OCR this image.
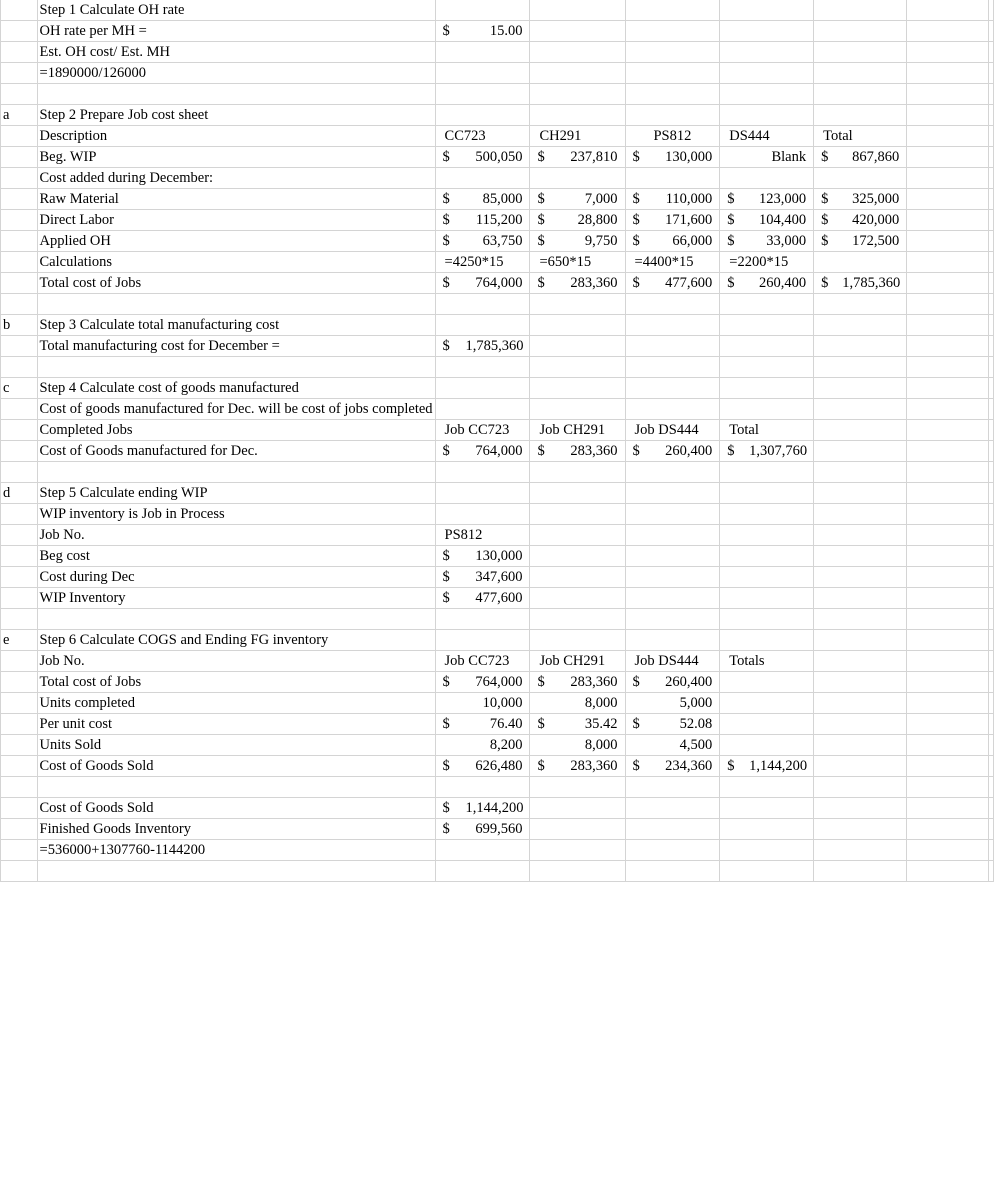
	Step 1 Calculate OH rate							
	OH rate per MH =	$ 15.00						

	Est. OH cost/ Est. MH							
	=1890000/126000							

a	Step 2 Prepare Job cost sheet							
	Description	CC723	CH291	PS812	DS444	Total		
	Beg. WIP	$ 500,050	$ 237,810	$ 130,000	Blank	$ 867,860		

	Cost added during December:							
	Raw Material	$ 85,000	$ 7,000	$ 110,000	$ 123,000	$ 325,000		

	Direct Labor	$ 115,200	$ 28,800	$ 171,600	$ 104,400	$ 420,000		

	Applied OH	$ 63,750	$ 9,750	$ 66,000	$ 33,000	$ 172,500		

	Calculations	=4250*15	=650*15	=4400*15	=2200*15			
	Total cost of Jobs	$ 764,000	$ 283,360	$ 477,600	$ 260,400	$ 1,785,360		

b	Step 3 Calculate total manufacturing cost							
	Total manufacturing cost for December =	$ 1,785,360						

c	Step 4 Calculate cost of goods manufactured							
	Cost of goods manufactured for Dec. will be cost of jobs completed							
	Completed Jobs	Job CC723	Job CH291	Job DS444	Total			
	Cost of Goods manufactured for Dec.	$ 764,000	$ 283,360	$ 260,400	$ 1,307,760			

d	Step 5 Calculate ending WIP							
	WIP inventory is Job in Process							
	Job No.	PS812						
	Beg cost	$ 130,000						

	Cost during Dec	$ 347,600						

	WIP Inventory	$ 477,600						

e	Step 6 Calculate COGS and Ending FG inventory							
	Job No.	Job CC723	Job CH291	Job DS444	Totals			
	Total cost of Jobs	$ 764,000	$ 283,360	$ 260,400				

	Units completed	10,000	8,000	5,000				

	Per unit cost	$ 76.40	$ 35.42	$ 52.08				

	Units Sold	8,200	8,000	4,500				

	Cost of Goods Sold	$ 626,480	$ 283,360	$ 234,360	$ 1,144,200			

	Cost of Goods Sold	$ 1,144,200						

	Finished Goods Inventory	$ 699,560						

	=536000+1307760-1144200							
